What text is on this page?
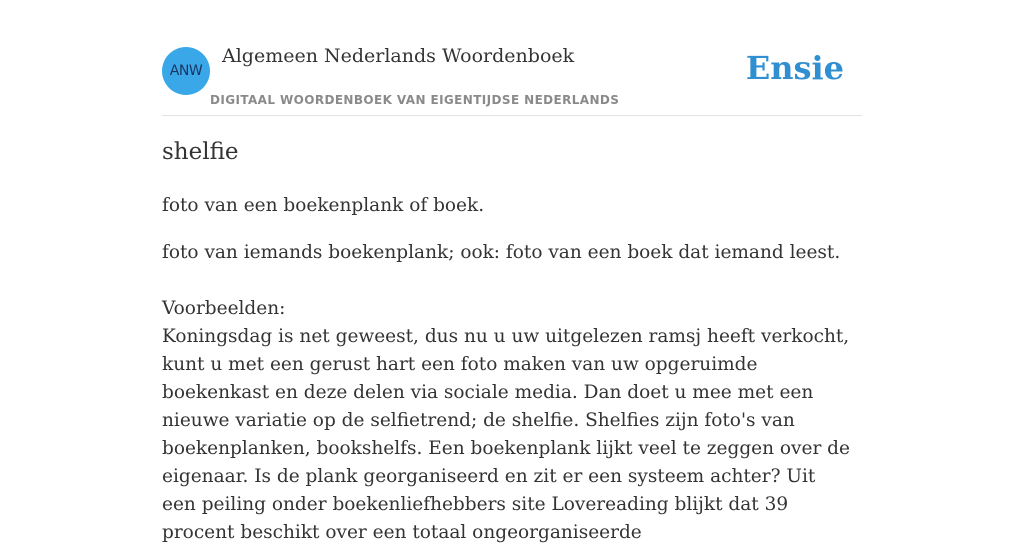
ANW
Algemeen Nederlands Woordenboek
DIGITAAL WOORDENBOEK VAN EIGENTIJDSE NEDERLANDS
Ensie
shelfie

foto van een boekenplank of boek.

foto van iemands boekenplank; ook: foto van een boek dat iemand leest.

Voorbeelden:
Koningsdag is net geweest, dus nu u uw uitgelezen ramsj heeft verkocht, kunt u met een gerust hart een foto maken van uw opgeruimde boekenkast en deze delen via sociale media. Dan doet u mee met een nieuwe variatie op de selfietrend; de shelfie. Shelfies zijn foto's van boekenplanken, bookshelfs. Een boekenplank lijkt veel te zeggen over de eigenaar. Is de plank georganiseerd en zit er een systeem achter? Uit een peiling onder boekenliefhebbers site Lovereading blijkt dat 39 procent beschikt over een totaal ongeorganiseerde
